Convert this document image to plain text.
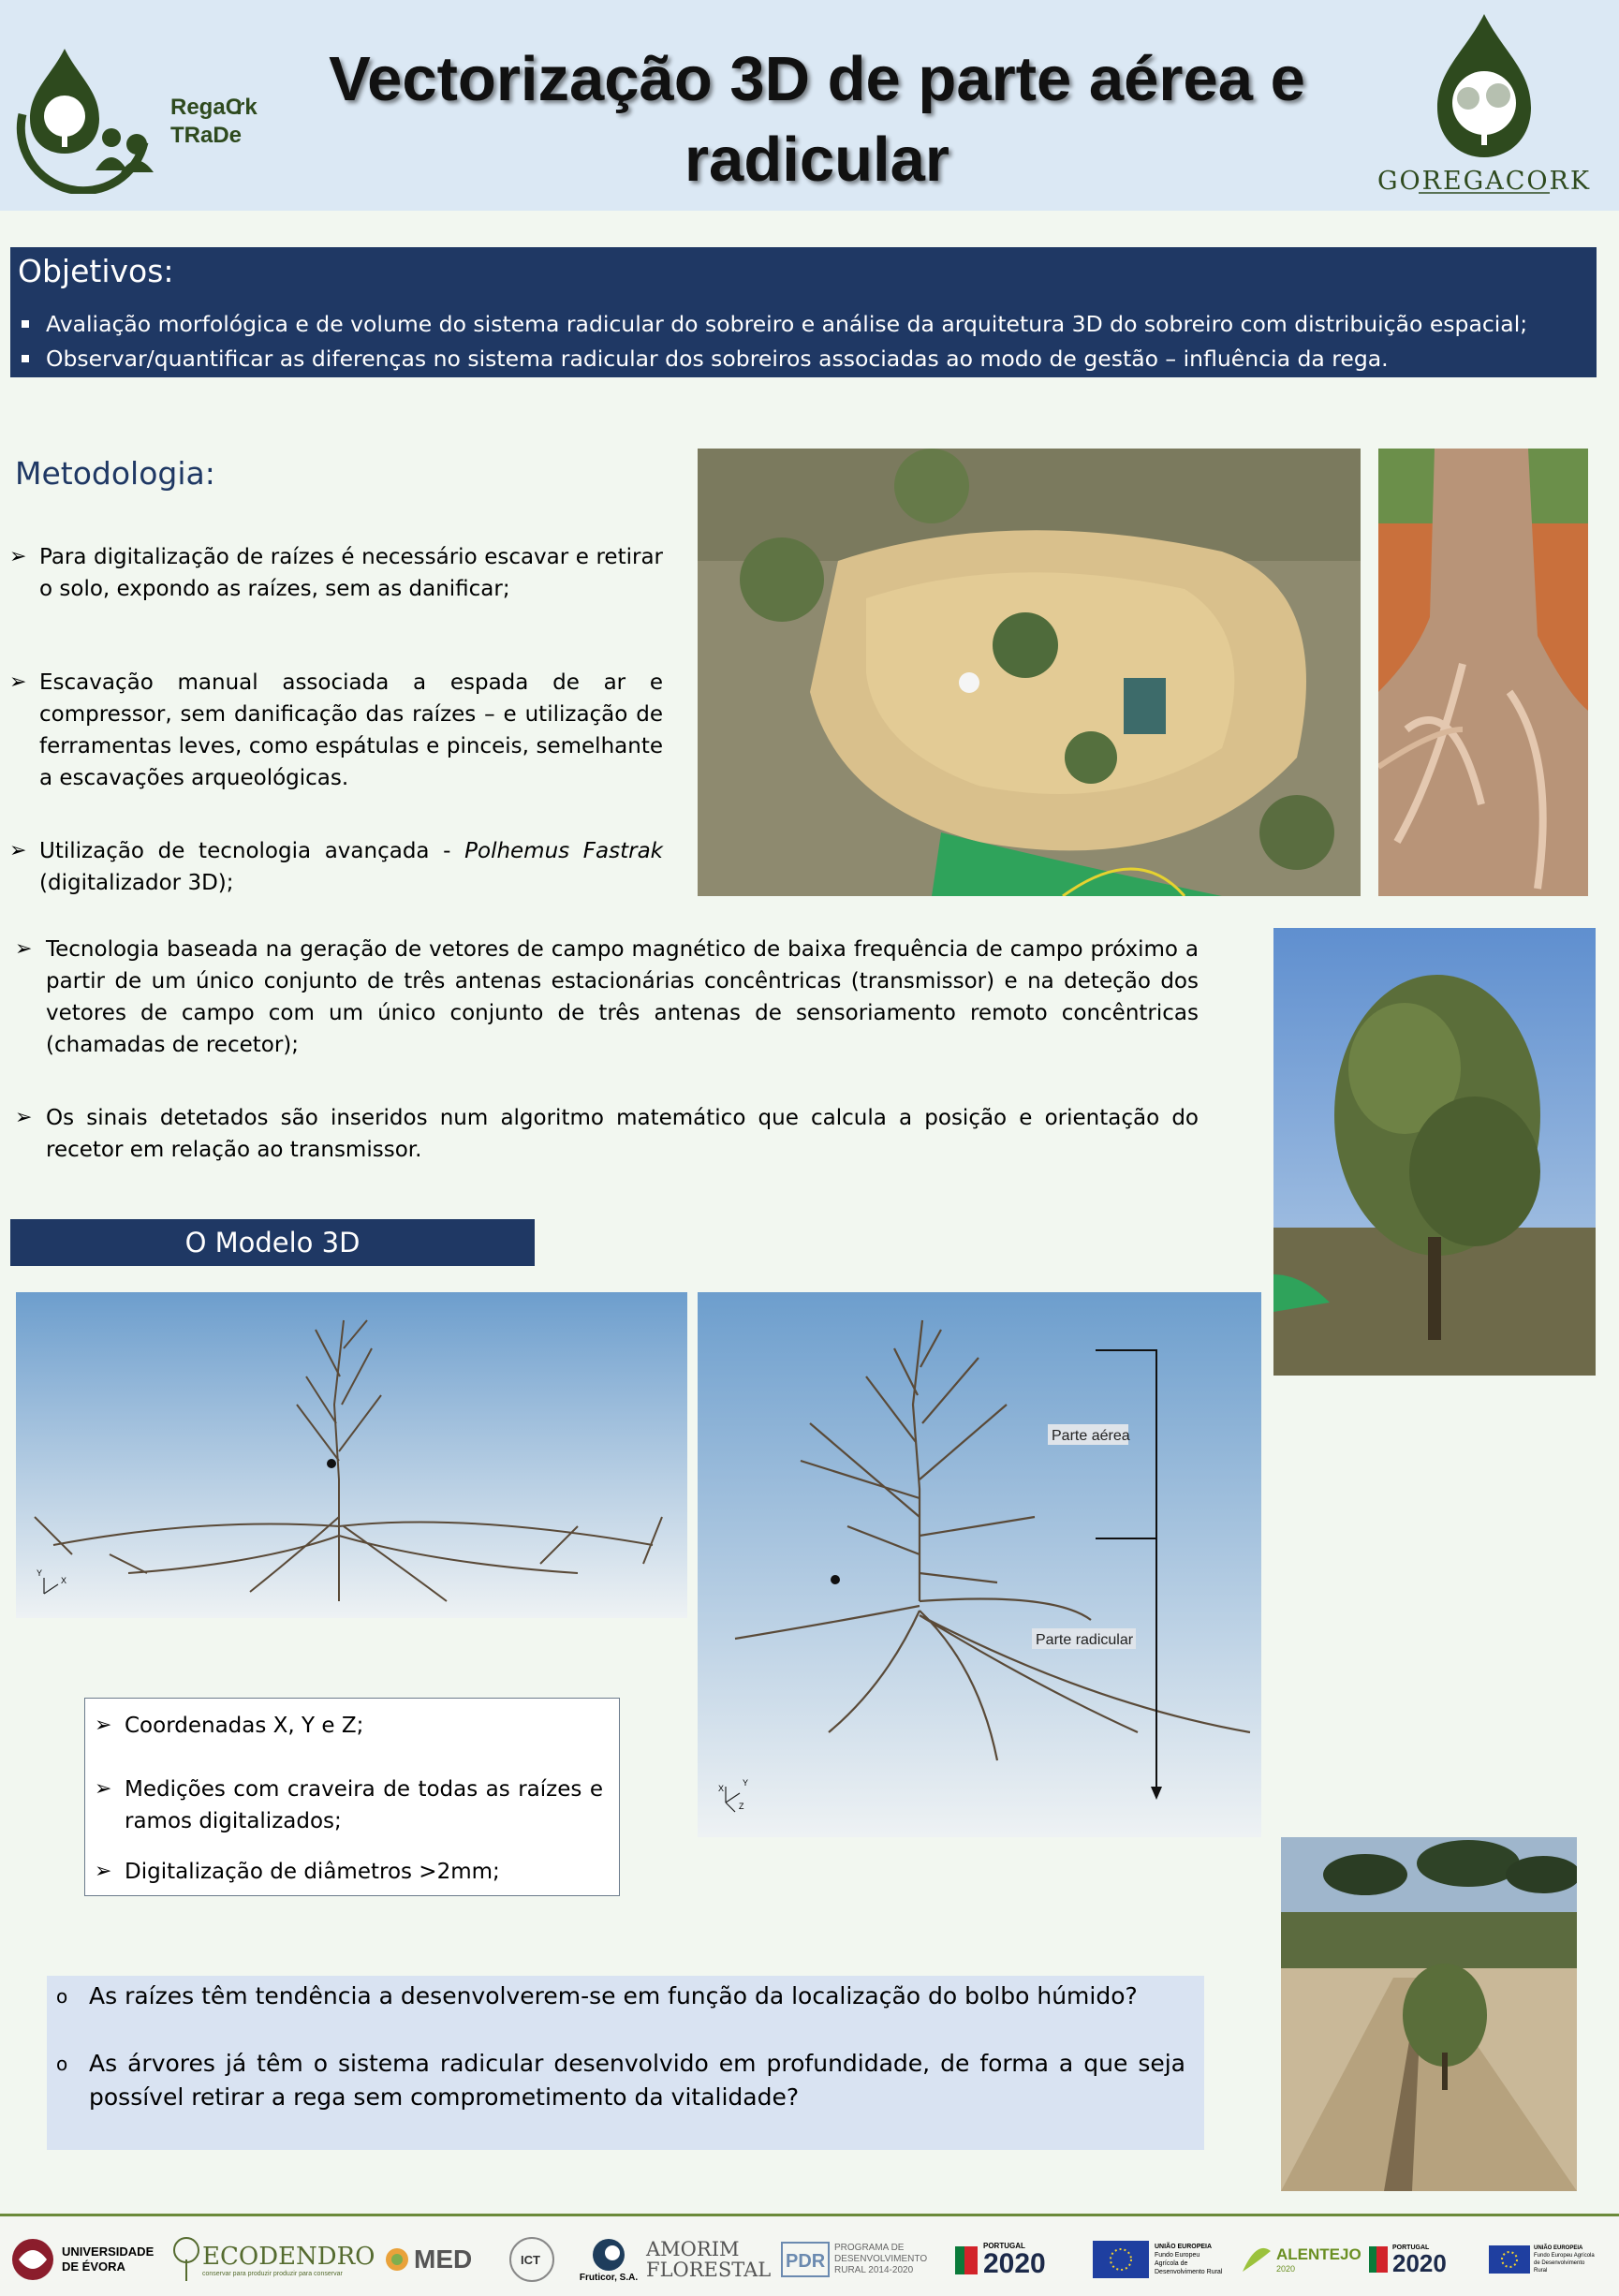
RegaC
rk
TRaDe
Vectorização 3D de parte aérea e radicular	GOREGACORK
Objetivos:
Avaliação morfológica e de volume do sistema radicular do sobreiro e análise da arquitetura 3D do sobreiro com distribuição espacial;
Observar/quantificar as diferenças no sistema radicular dos sobreiros associadas ao modo de gestão – influência da rega.
Metodologia:
➢ Para digitalização de raízes é necessário escavar e retirar o solo, expondo as raízes, sem as danificar;
➢ Escavação manual associada a espada de ar e compressor, sem danificação das raízes – e utilização de ferramentas leves, como espátulas e pinceis, semelhante a escavações arqueológicas.
➢ Utilização de tecnologia avançada - Polhemus Fastrak (digitalizador 3D);
➢ Tecnologia baseada na geração de vetores de campo magnético de baixa frequência de campo próximo a partir de um único conjunto de três antenas estacionárias concêntricas (transmissor) e na deteção dos vetores de campo com um único conjunto de três antenas de sensoriamento remoto concêntricas (chamadas de recetor);
➢ Os sinais detetados são inseridos num algoritmo matemático que calcula a posição e orientação do recetor em relação ao transmissor.
O Modelo 3D
X
Y
Parte aérea
Parte radicular
X
Y
Z
➢ Coordenadas X, Y e Z;
➢ Medições com craveira de todas as raízes e ramos digitalizados;
➢ Digitalização de diâmetros >2mm;
o As raízes têm tendência a desenvolverem-se em função da localização do bolbo húmido?
o As árvores já têm o sistema radicular desenvolvido em profundidade, de forma a que seja possível retirar a rega sem comprometimento da vitalidade?
UNIVERSIDADE
DE ÉVORA	ECODENDRO
conservar para produzir produzir para conservar	MED	ICT
Fruticor, S.A.
AMORIM
FLORESTAL PDR
PROGRAMA DE
DESENVOLVIMENTO
RURAL 2014-2020
PORTUGAL
2020
UNIÃO EUROPEIA
Fundo Europeu Agrícola de Desenvolvimento Rural
ALENTEJO
2020
PORTUGAL
2020
UNIÃO EUROPEIA
Fundo Europeu Agrícola de Desenvolvimento Rural
